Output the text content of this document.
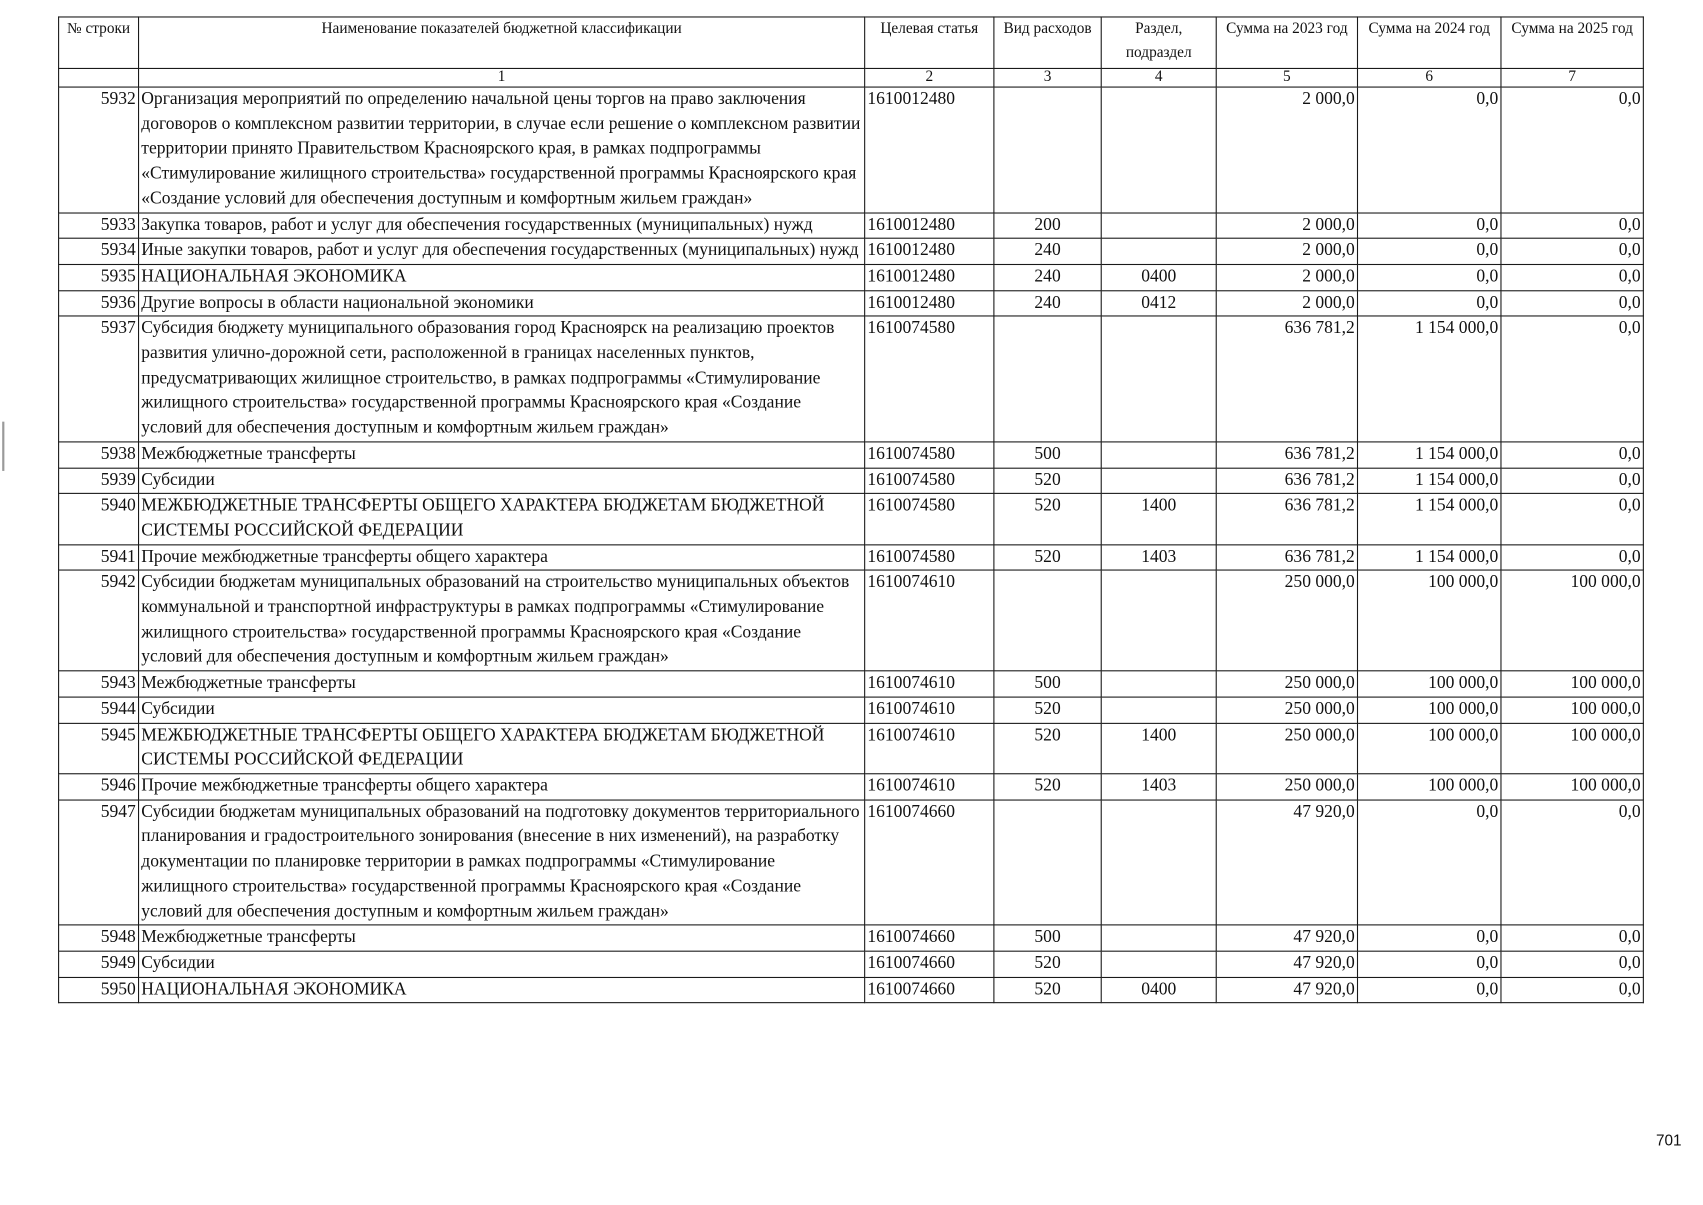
№ строки	Наименование показателей бюджетной классификации	Целевая статья	Вид расходов	Раздел, подраздел	Сумма на 2023 год	Сумма на 2024 год	Сумма на 2025 год
	1	2	3	4	5	6	7
5932	Организация мероприятий по определению начальной цены торгов на право заключения договоров о комплексном развитии территории, в случае если решение о комплексном развитии территории принято Правительством Красноярского края, в рамках подпрограммы «Стимулирование жилищного строительства» государственной программы Красноярского края «Создание условий для обеспечения доступным и комфортным жильем граждан»	1610012480			2 000,0	0,0	0,0
5933	Закупка товаров, работ и услуг для обеспечения государственных (муниципальных) нужд	1610012480	200		2 000,0	0,0	0,0
5934	Иные закупки товаров, работ и услуг для обеспечения государственных (муниципальных) нужд	1610012480	240		2 000,0	0,0	0,0
5935	НАЦИОНАЛЬНАЯ ЭКОНОМИКА	1610012480	240	0400	2 000,0	0,0	0,0
5936	Другие вопросы в области национальной экономики	1610012480	240	0412	2 000,0	0,0	0,0
5937	Субсидия бюджету муниципального образования город Красноярск на реализацию проектов развития улично-дорожной сети, расположенной в границах населенных пунктов, предусматривающих жилищное строительство, в рамках подпрограммы «Стимулирование жилищного строительства» государственной программы Красноярского края «Создание условий для обеспечения доступным и комфортным жильем граждан»	1610074580			636 781,2	1 154 000,0	0,0
5938	Межбюджетные трансферты	1610074580	500		636 781,2	1 154 000,0	0,0
5939	Субсидии	1610074580	520		636 781,2	1 154 000,0	0,0
5940	МЕЖБЮДЖЕТНЫЕ ТРАНСФЕРТЫ ОБЩЕГО ХАРАКТЕРА БЮДЖЕТАМ БЮДЖЕТНОЙ СИСТЕМЫ РОССИЙСКОЙ ФЕДЕРАЦИИ	1610074580	520	1400	636 781,2	1 154 000,0	0,0
5941	Прочие межбюджетные трансферты общего характера	1610074580	520	1403	636 781,2	1 154 000,0	0,0
5942	Субсидии бюджетам муниципальных образований на строительство муниципальных объектов коммунальной и транспортной инфраструктуры в рамках подпрограммы «Стимулирование жилищного строительства» государственной программы Красноярского края «Создание условий для обеспечения доступным и комфортным жильем граждан»	1610074610			250 000,0	100 000,0	100 000,0
5943	Межбюджетные трансферты	1610074610	500		250 000,0	100 000,0	100 000,0
5944	Субсидии	1610074610	520		250 000,0	100 000,0	100 000,0
5945	МЕЖБЮДЖЕТНЫЕ ТРАНСФЕРТЫ ОБЩЕГО ХАРАКТЕРА БЮДЖЕТАМ БЮДЖЕТНОЙ СИСТЕМЫ РОССИЙСКОЙ ФЕДЕРАЦИИ	1610074610	520	1400	250 000,0	100 000,0	100 000,0
5946	Прочие межбюджетные трансферты общего характера	1610074610	520	1403	250 000,0	100 000,0	100 000,0
5947	Субсидии бюджетам муниципальных образований на подготовку документов территориального планирования и градостроительного зонирования (внесение в них изменений), на разработку документации по планировке территории в рамках подпрограммы «Стимулирование жилищного строительства» государственной программы Красноярского края «Создание условий для обеспечения доступным и комфортным жильем граждан»	1610074660			47 920,0	0,0	0,0
5948	Межбюджетные трансферты	1610074660	500		47 920,0	0,0	0,0
5949	Субсидии	1610074660	520		47 920,0	0,0	0,0
5950	НАЦИОНАЛЬНАЯ ЭКОНОМИКА	1610074660	520	0400	47 920,0	0,0	0,0
701
